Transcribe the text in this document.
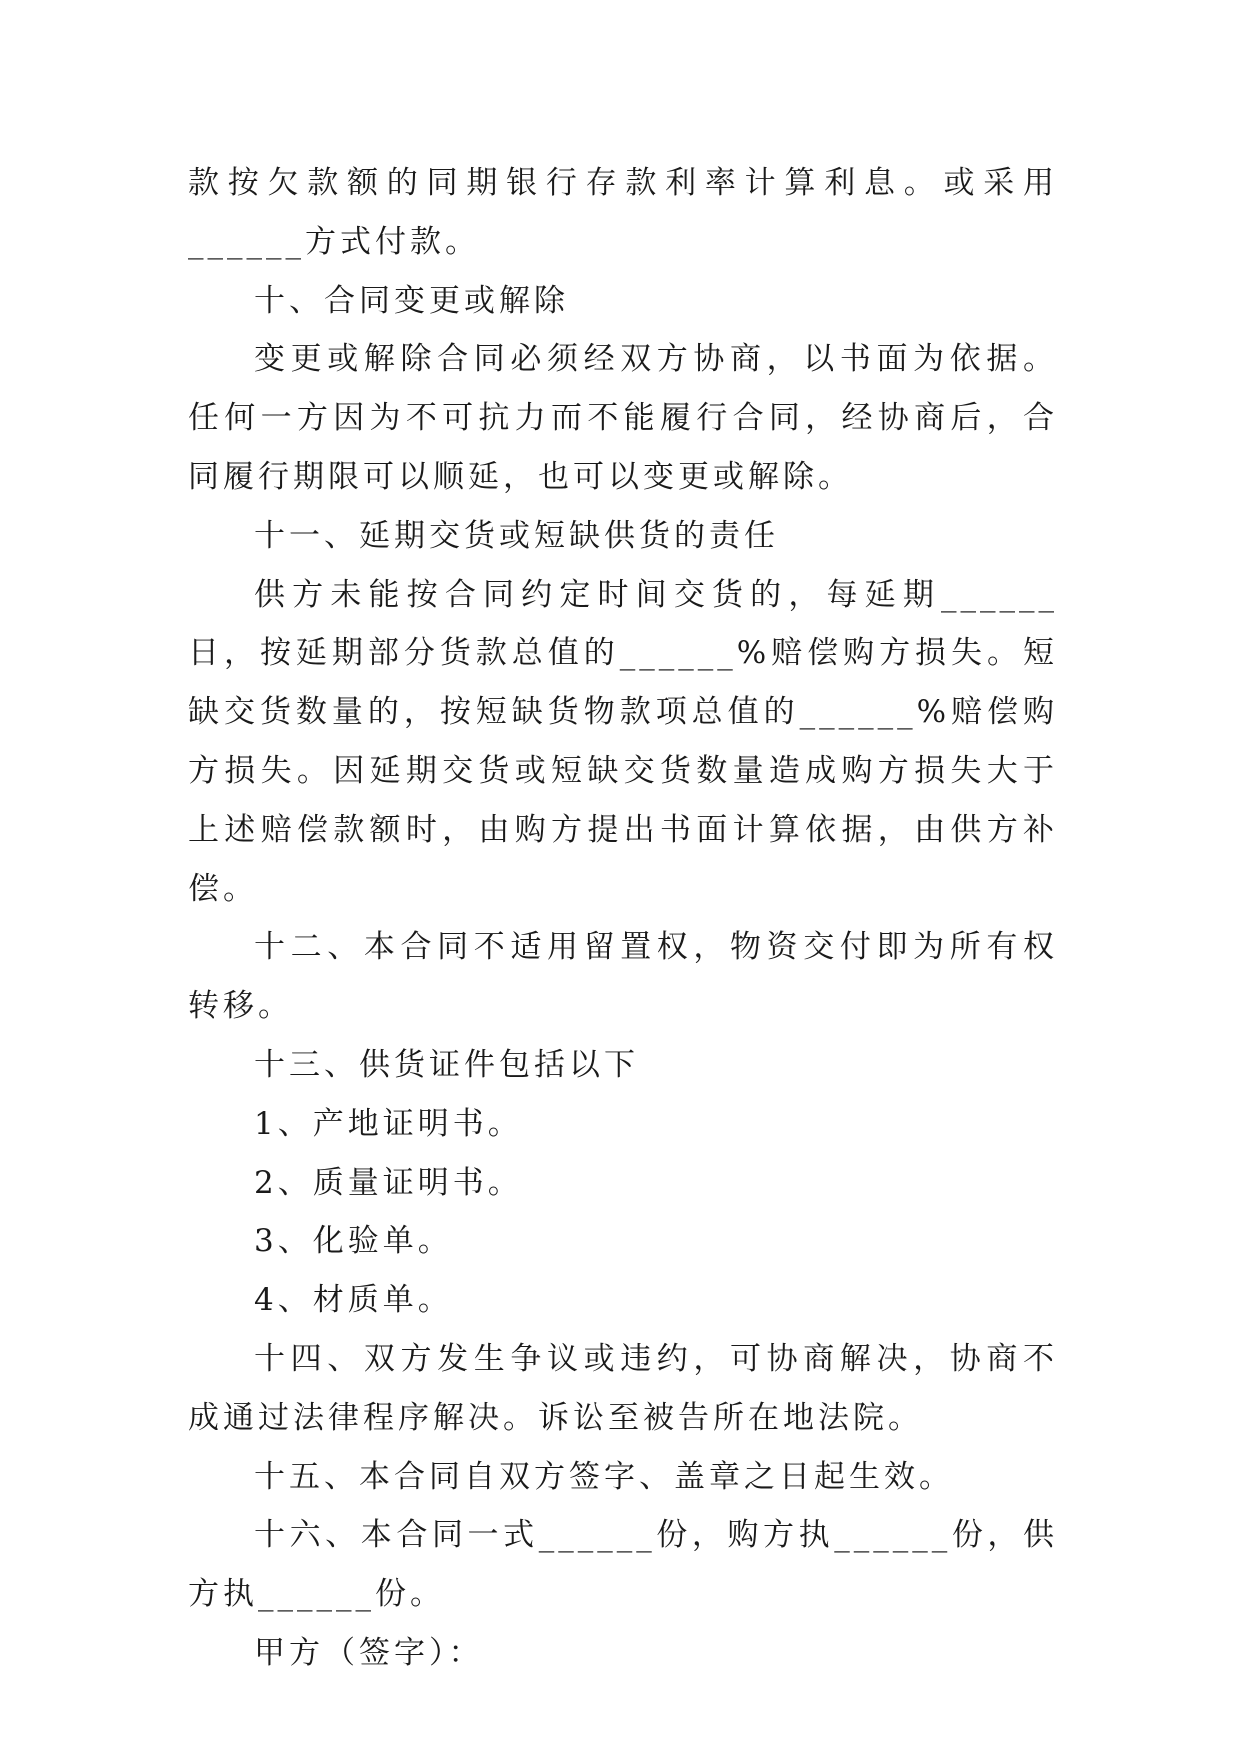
款按欠款额的同期银行存款利率计算利息。或采用______方式付款。

十、合同变更或解除

变更或解除合同必须经双方协商，以书面为依据。任何一方因为不可抗力而不能履行合同，经协商后，合同履行期限可以顺延，也可以变更或解除。

十一、延期交货或短缺供货的责任

供方未能按合同约定时间交货的，每延期______日，按延期部分货款总值的______%赔偿购方损失。短缺交货数量的，按短缺货物款项总值的______%赔偿购方损失。因延期交货或短缺交货数量造成购方损失大于上述赔偿款额时，由购方提出书面计算依据，由供方补偿。

十二、本合同不适用留置权，物资交付即为所有权转移。

十三、供货证件包括以下

1、产地证明书。

2、质量证明书。

3、化验单。

4、材质单。

十四、双方发生争议或违约，可协商解决，协商不成通过法律程序解决。诉讼至被告所在地法院。

十五、本合同自双方签字、盖章之日起生效。

十六、本合同一式______份，购方执______份，供方执______份。

甲方（签字）：
